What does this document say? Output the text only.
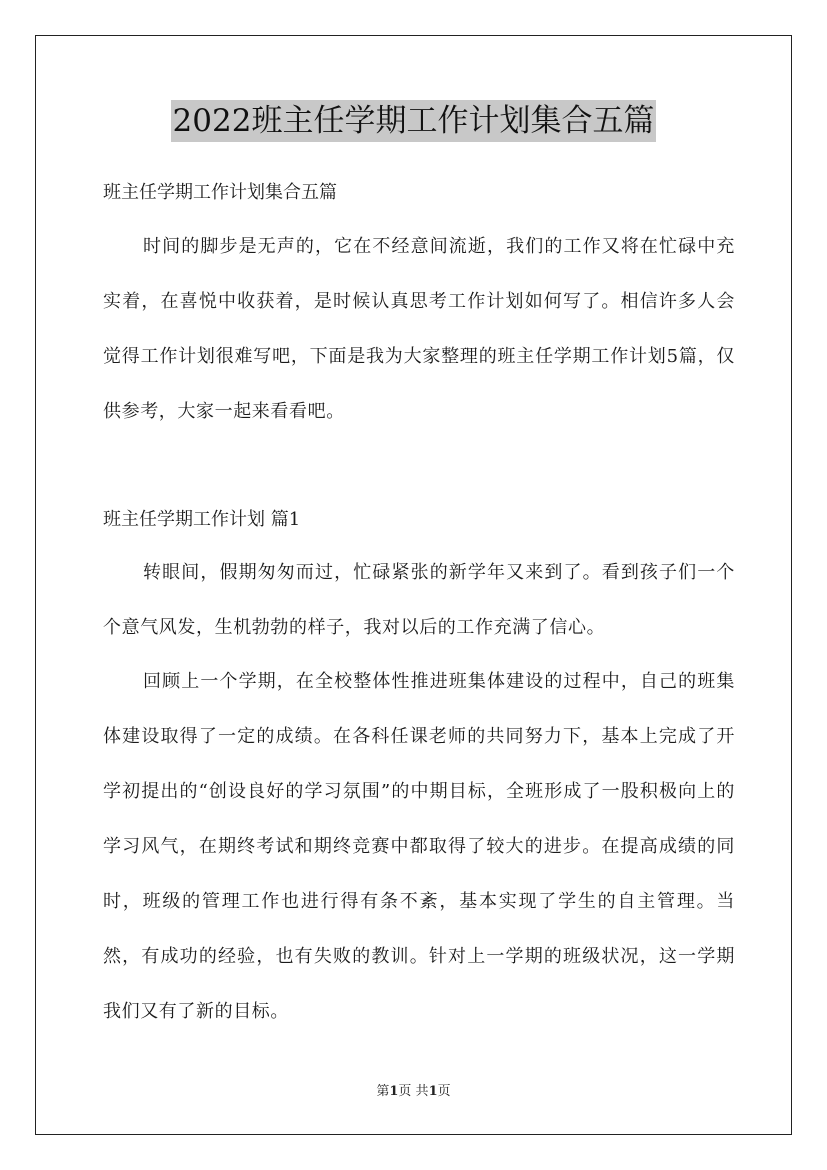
2022班主任学期工作计划集合五篇
班主任学期工作计划集合五篇

时间的脚步是无声的，它在不经意间流逝，我们的工作又将在忙碌中充实着，在喜悦中收获着，是时候认真思考工作计划如何写了。相信许多人会觉得工作计划很难写吧，下面是我为大家整理的班主任学期工作计划5篇，仅供参考，大家一起来看看吧。

班主任学期工作计划 篇1

转眼间，假期匆匆而过，忙碌紧张的新学年又来到了。看到孩子们一个个意气风发，生机勃勃的样子，我对以后的工作充满了信心。

回顾上一个学期，在全校整体性推进班集体建设的过程中，自己的班集体建设取得了一定的成绩。在各科任课老师的共同努力下，基本上完成了开学初提出的“创设良好的学习氛围”的中期目标，全班形成了一股积极向上的学习风气，在期终考试和期终竞赛中都取得了较大的进步。在提高成绩的同时，班级的管理工作也进行得有条不紊，基本实现了学生的自主管理。当然，有成功的经验，也有失败的教训。针对上一学期的班级状况，这一学期我们又有了新的目标。

第1页 共1页
